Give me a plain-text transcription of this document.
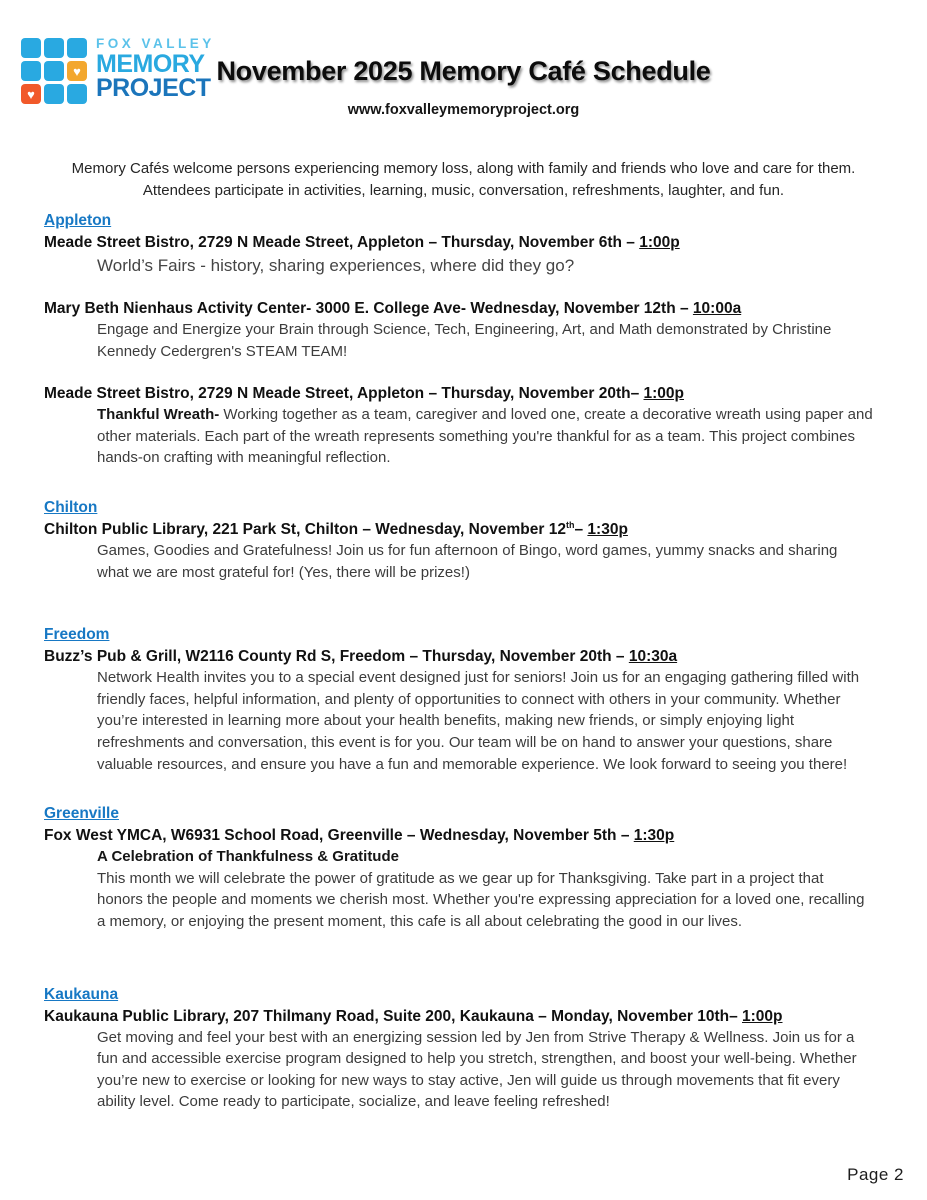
♥
♥
FOX VALLEY
MEMORY
PROJECT
November 2025 Memory Café Schedule
www.foxvalleymemoryproject.org

Memory Cafés welcome persons experiencing memory loss, along with family and friends who love and care for them. Attendees participate in activities, learning, music, conversation, refreshments, laughter, and fun.

Appleton

Meade Street Bistro, 2729 N Meade Street, Appleton – Thursday, November 6th – 1:00p

World’s Fairs - history, sharing experiences, where did they go?

Mary Beth Nienhaus Activity Center- 3000 E. College Ave- Wednesday, November 12th – 10:00a

Engage and Energize your Brain through Science, Tech, Engineering, Art, and Math demonstrated by Christine Kennedy Cedergren's STEAM TEAM!

Meade Street Bistro, 2729 N Meade Street, Appleton – Thursday, November 20th– 1:00p

Thankful Wreath- Working together as a team, caregiver and loved one, create a decorative wreath using paper and other materials. Each part of the wreath represents something you're thankful for as a team. This project combines hands-on crafting with meaningful reflection.

Chilton

Chilton Public Library, 221 Park St, Chilton – Wednesday, November 12th– 1:30p

Games, Goodies and Gratefulness! Join us for fun afternoon of Bingo, word games, yummy snacks and sharing what we are most grateful for! (Yes, there will be prizes!)

Freedom

Buzz’s Pub & Grill, W2116 County Rd S, Freedom – Thursday, November 20th – 10:30a

Network Health invites you to a special event designed just for seniors! Join us for an engaging gathering filled with friendly faces, helpful information, and plenty of opportunities to connect with others in your community. Whether you’re interested in learning more about your health benefits, making new friends, or simply enjoying light refreshments and conversation, this event is for you. Our team will be on hand to answer your questions, share valuable resources, and ensure you have a fun and memorable experience. We look forward to seeing you there!

Greenville

Fox West YMCA, W6931 School Road, Greenville – Wednesday, November 5th – 1:30p

A Celebration of Thankfulness & Gratitude

This month we will celebrate the power of gratitude as we gear up for Thanksgiving. Take part in a project that honors the people and moments we cherish most. Whether you're expressing appreciation for a loved one, recalling a memory, or enjoying the present moment, this cafe is all about celebrating the good in our lives.

Kaukauna

Kaukauna Public Library, 207 Thilmany Road, Suite 200, Kaukauna – Monday, November 10th– 1:00p

Get moving and feel your best with an energizing session led by Jen from Strive Therapy & Wellness. Join us for a fun and accessible exercise program designed to help you stretch, strengthen, and boost your well-being. Whether you’re new to exercise or looking for new ways to stay active, Jen will guide us through movements that fit every ability level. Come ready to participate, socialize, and leave feeling refreshed!

Page 2
